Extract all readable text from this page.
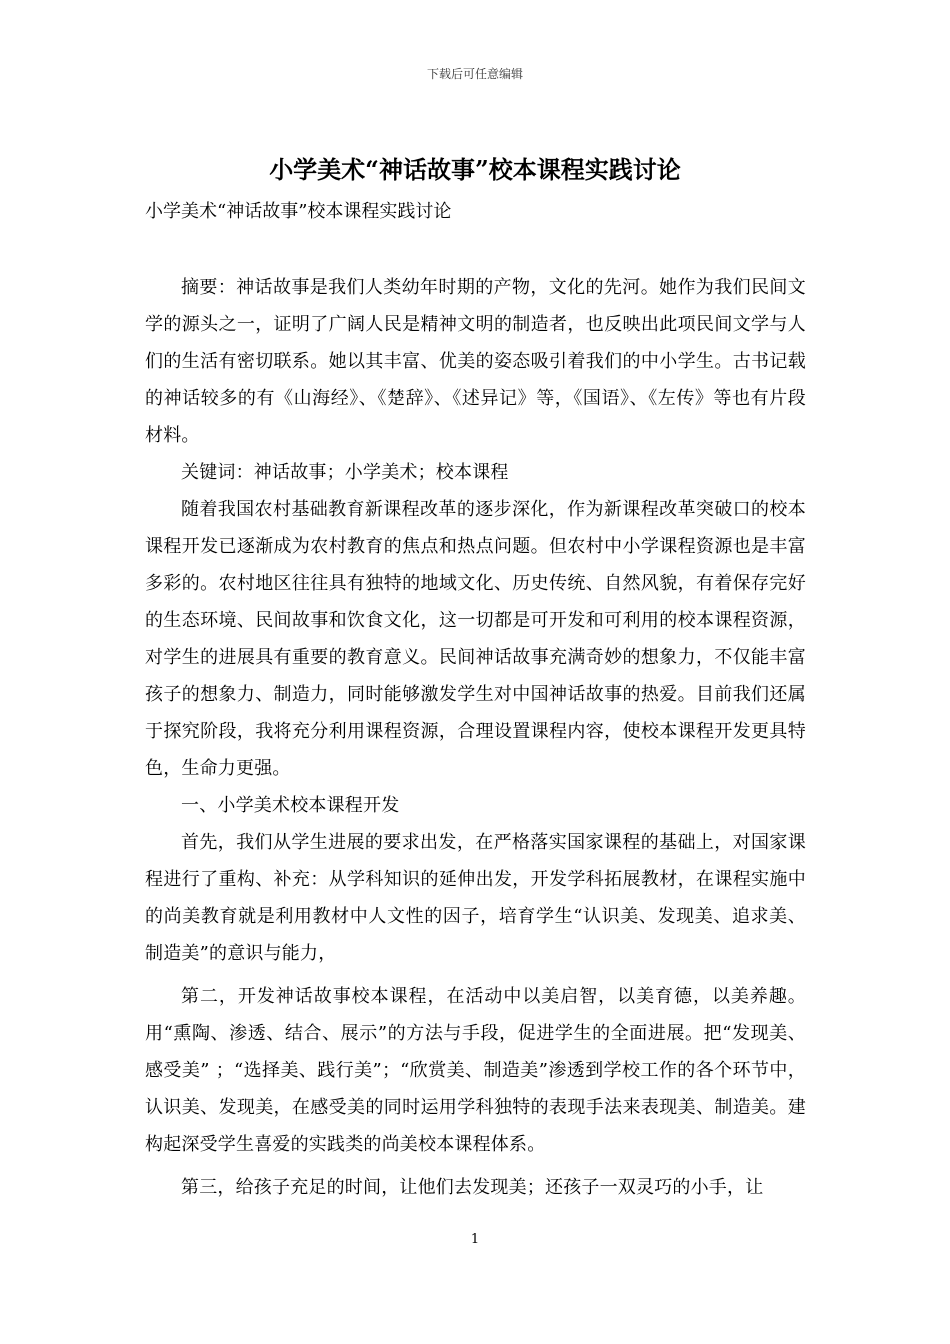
下载后可任意编辑
小学美术“神话故事”校本课程实践讨论
小学美术“神话故事”校本课程实践讨论

摘要：神话故事是我们人类幼年时期的产物，文化的先河。她作为我们民间文学的源头之一，证明了广阔人民是精神文明的制造者，也反映出此项民间文学与人们的生活有密切联系。她以其丰富、优美的姿态吸引着我们的中小学生。古书记载的神话较多的有《山海经》、《楚辞》、《述异记》等，《国语》、《左传》等也有片段材料。

关键词：神话故事；小学美术；校本课程

随着我国农村基础教育新课程改革的逐步深化，作为新课程改革突破口的校本课程开发已逐渐成为农村教育的焦点和热点问题。但农村中小学课程资源也是丰富多彩的。农村地区往往具有独特的地域文化、历史传统、自然风貌，有着保存完好的生态环境、民间故事和饮食文化，这一切都是可开发和可利用的校本课程资源，对学生的进展具有重要的教育意义。民间神话故事充满奇妙的想象力，不仅能丰富孩子的想象力、制造力，同时能够激发学生对中国神话故事的热爱。目前我们还属于探究阶段，我将充分利用课程资源，合理设置课程内容，使校本课程开发更具特色，生命力更强。

一、小学美术校本课程开发

首先，我们从学生进展的要求出发，在严格落实国家课程的基础上，对国家课程进行了重构、补充：从学科知识的延伸出发，开发学科拓展教材，在课程实施中的尚美教育就是利用教材中人文性的因子，培育学生“认识美、发现美、追求美、制造美”的意识与能力，

第二，开发神话故事校本课程，在活动中以美启智，以美育德，以美养趣。用“熏陶、渗透、结合、展示”的方法与手段，促进学生的全面进展。把“发现美、感受美” ；“选择美、践行美”；“欣赏美、制造美”渗透到学校工作的各个环节中，认识美、发现美，在感受美的同时运用学科独特的表现手法来表现美、制造美。建构起深受学生喜爱的实践类的尚美校本课程体系。

第三，给孩子充足的时间，让他们去发现美；还孩子一双灵巧的小手，让

1
